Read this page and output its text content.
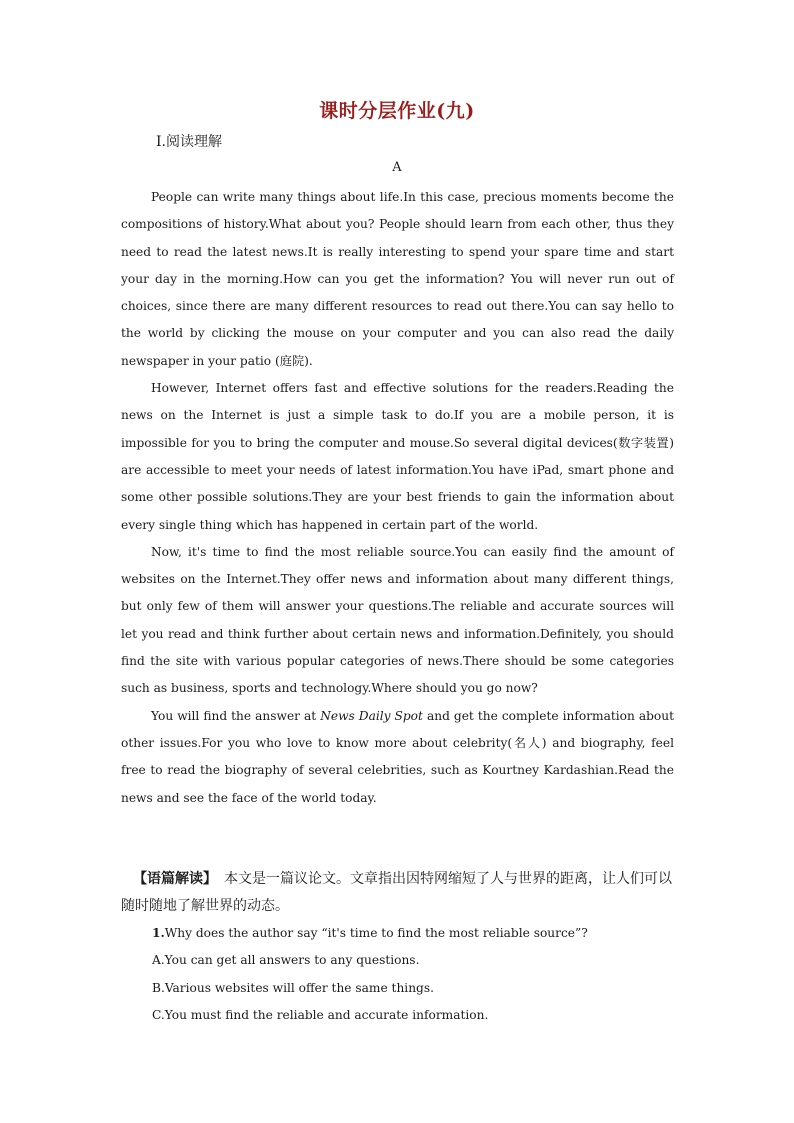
课时分层作业(九)
Ⅰ.阅读理解
A

People can write many things about life.In this case, precious moments become the compositions of history.What about you? People should learn from each other, thus they need to read the latest news.It is really interesting to spend your spare time and start your day in the morning.How can you get the information? You will never run out of choices, since there are many different resources to read out there.You can say hello to the world by clicking the mouse on your computer and you can also read the daily newspaper in your patio (庭院).

However, Internet offers fast and effective solutions for the readers.Reading the news on the Internet is just a simple task to do.If you are a mobile person, it is impossible for you to bring the computer and mouse.So several digital devices(数字装置) are accessible to meet your needs of latest information.You have iPad, smart phone and some other possible solutions.They are your best friends to gain the information about every single thing which has happened in certain part of the world.

Now, it's time to find the most reliable source.You can easily find the amount of websites on the Internet.They offer news and information about many different things, but only few of them will answer your questions.The reliable and accurate sources will let you read and think further about certain news and information.Definitely, you should find the site with various popular categories of news.There should be some categories such as business, sports and technology.Where should you go now?

You will find the answer at News Daily Spot and get the complete information about other issues.For you who love to know more about celebrity(名人) and biography, feel free to read the biography of several celebrities, such as Kourtney Kardashian.Read the news and see the face of the world today.

【语篇解读】　本文是一篇议论文。文章指出因特网缩短了人与世界的距离，让人们可以随时随地了解世界的动态。
1.Why does the author say “it's time to find the most reliable source”?
A.You can get all answers to any questions.
B.Various websites will offer the same things.
C.You must find the reliable and accurate information.
